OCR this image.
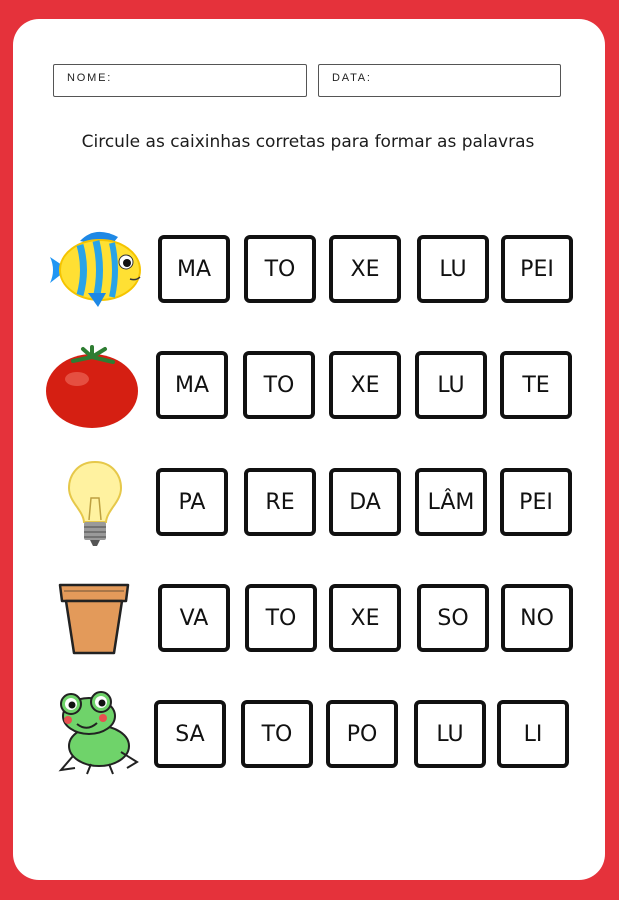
NOME:	DATA:
Circule as caixinhas corretas para formar as palavras
MA	TO	XE	LU	PEI
MA	TO	XE	LU	TE
PA	RE	DA	LÂM	PEI
VA	TO	XE	SO	NO
SA	TO	PO	LU	LI
